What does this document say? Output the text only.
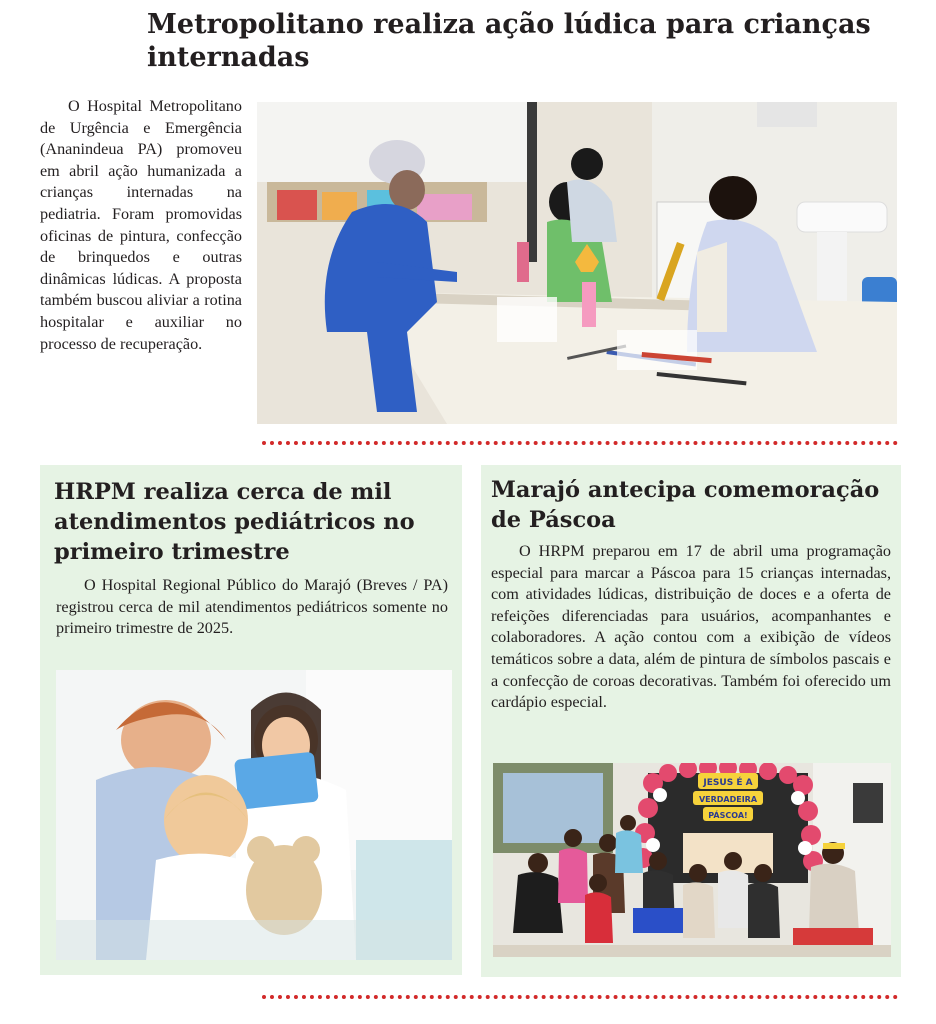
Metropolitano realiza ação lúdica para crianças internadas

O Hospital Metropolitano de Urgência e Emergência (Ananindeua PA) promoveu em abril ação humanizada a crianças internadas na pediatria. Foram promovidas oficinas de pintura, confecção de brinquedos e outras dinâmicas lúdicas. A proposta também buscou aliviar a rotina hospitalar e auxiliar no processo de recuperação.

HRPM realiza cerca de mil atendimentos pediátricos no primeiro trimestre

O Hospital Regional Público do Marajó (Breves / PA) registrou cerca de mil atendimentos pediátricos somente no primeiro trimestre de 2025.

Marajó antecipa comemoração de Páscoa

O HRPM preparou em 17 de abril uma programação especial para marcar a Páscoa para 15 crianças internadas, com atividades lúdicas, distribuição de doces e a oferta de refeições diferenciadas para usuários, acompanhantes e colaboradores. A ação contou com a exibição de vídeos temáticos sobre a data, além de pintura de símbolos pascais e a confecção de coroas decorativas. Também foi oferecido um cardápio especial.

JESUS É A
VERDADEIRA
PÁSCOA!
